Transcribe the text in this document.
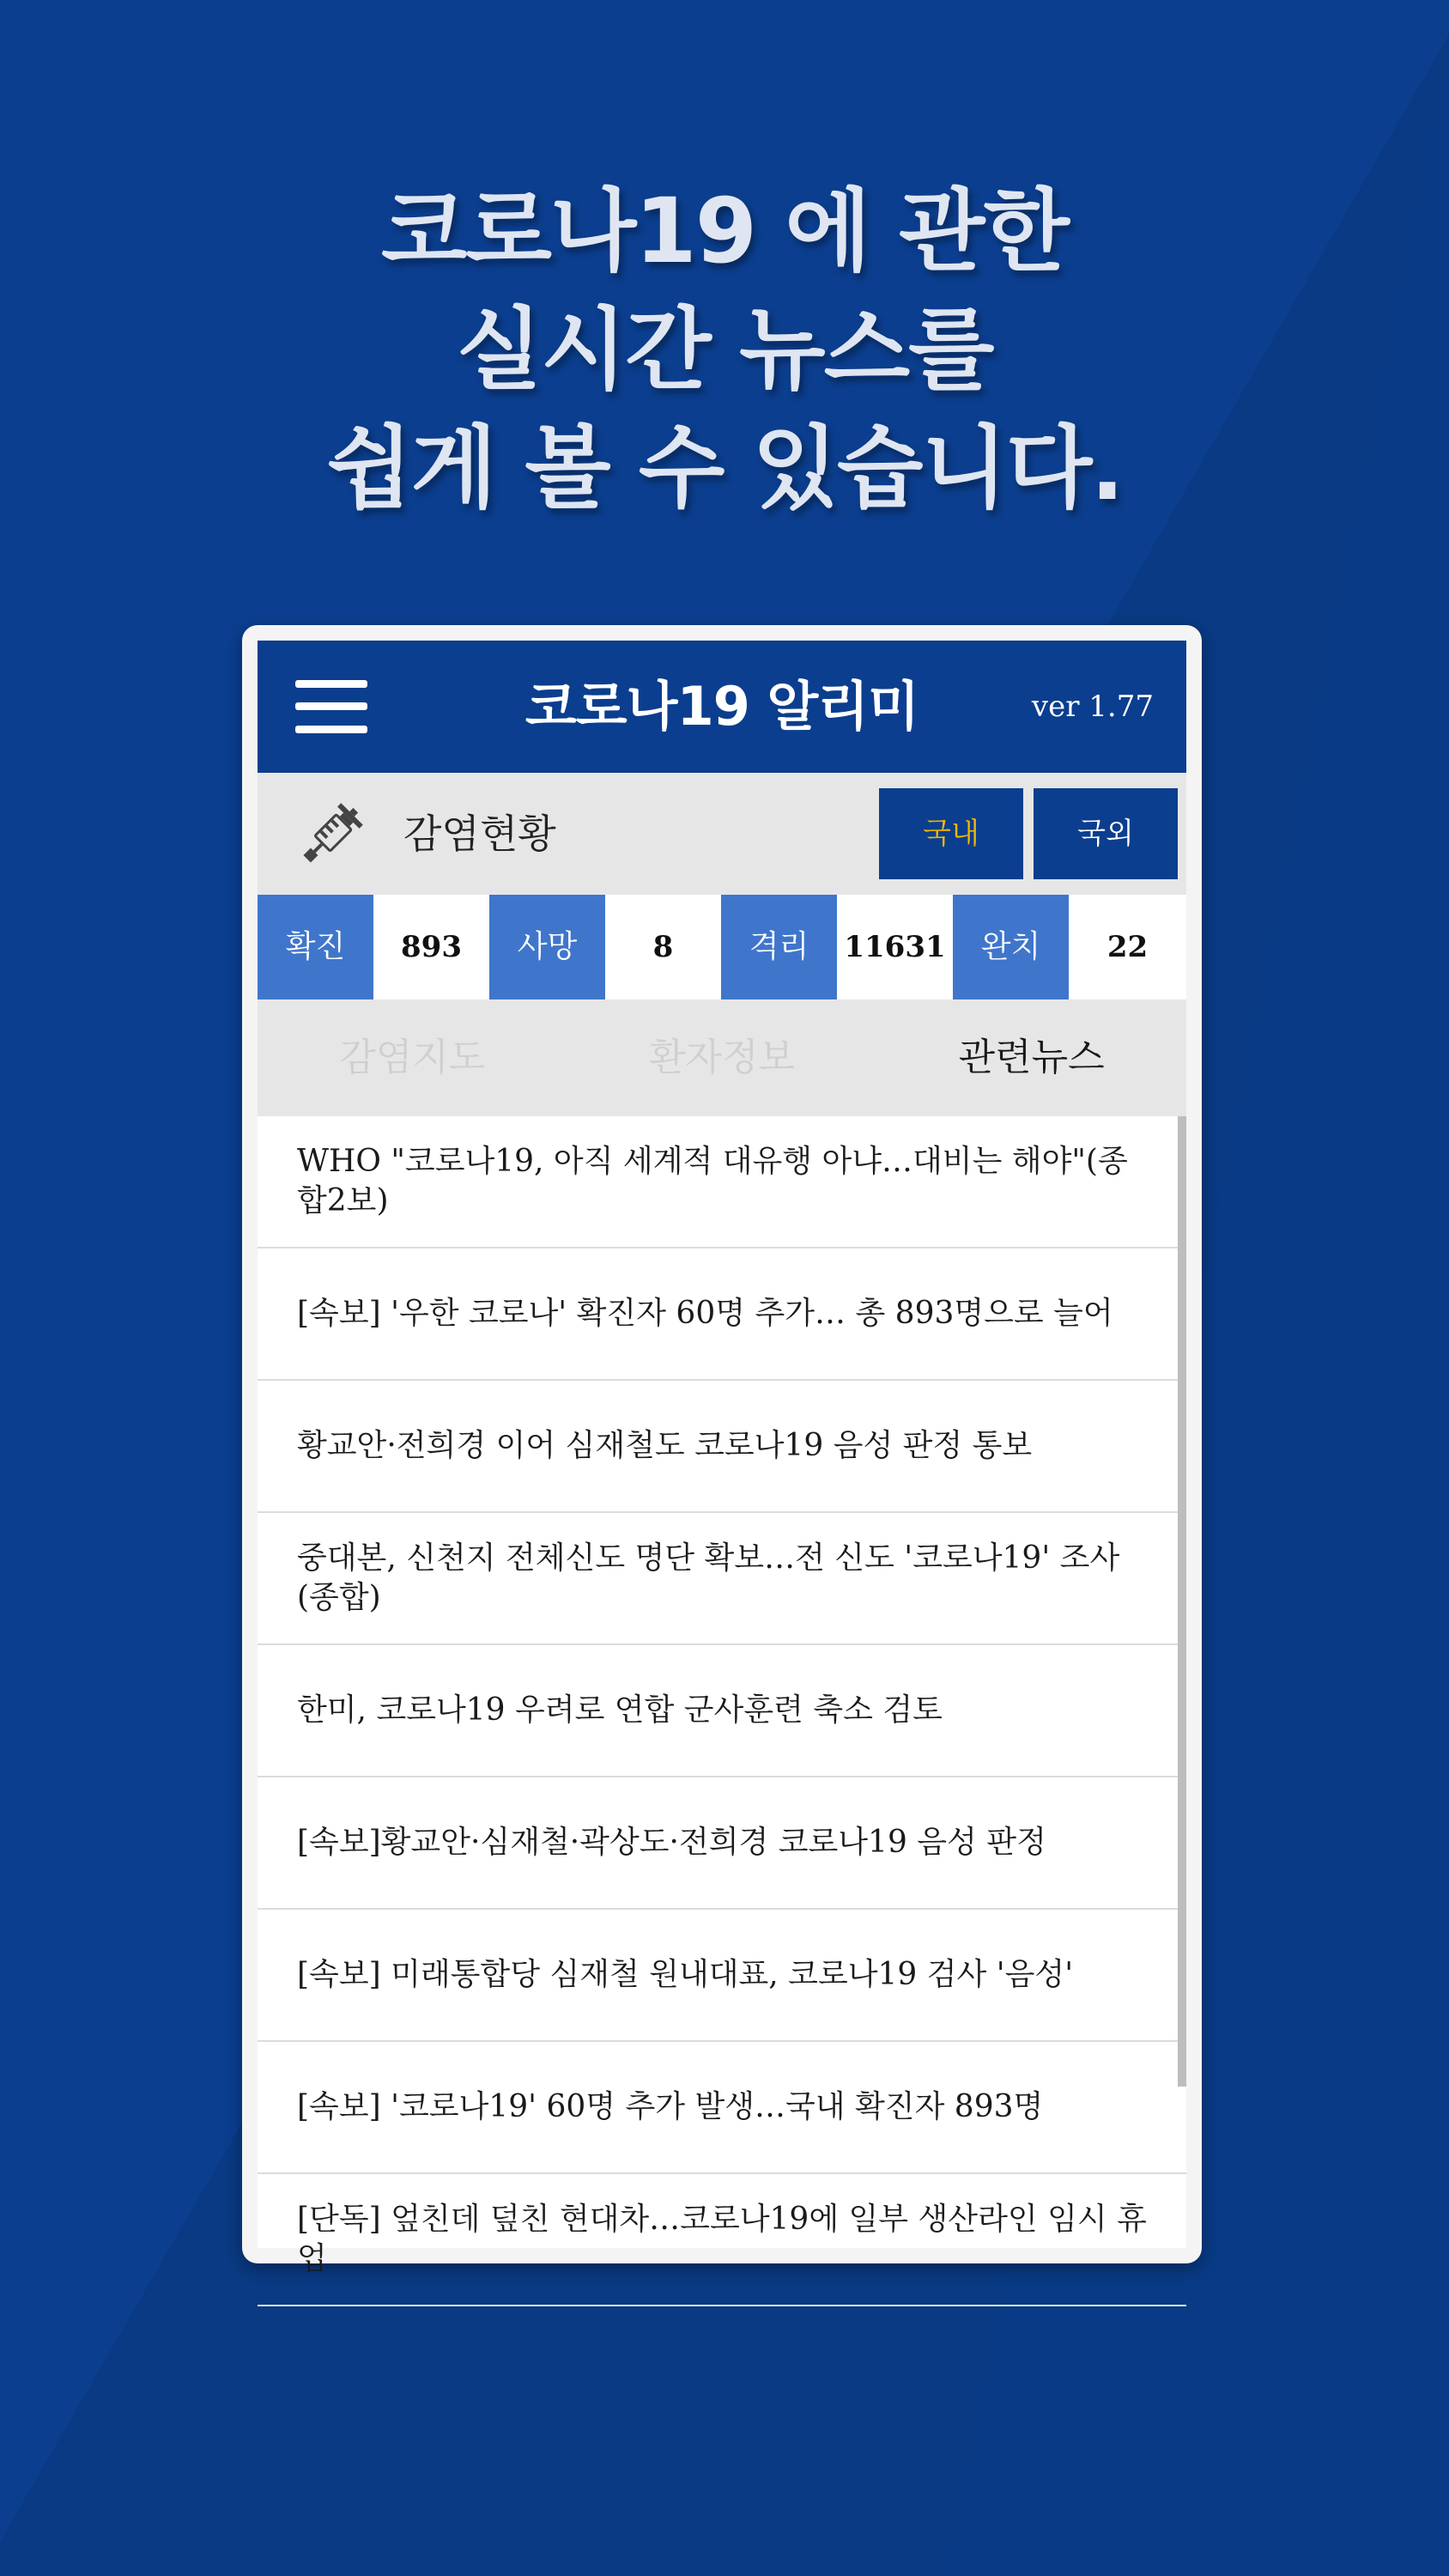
코로나19 에 관한
실시간 뉴스를
쉽게 볼 수 있습니다.
코로나19 알리미	ver 1.77
감염현황	국내	국외
확진	893	사망	8	격리	11631	완치	22
감염지도	환자정보	관련뉴스
WHO "코로나19, 아직 세계적 대유행 아냐…대비는 해야"(종합2보)
[속보] '우한 코로나' 확진자 60명 추가… 총 893명으로 늘어
황교안·전희경 이어 심재철도 코로나19 음성 판정 통보
중대본, 신천지 전체신도 명단 확보…전 신도 '코로나19' 조사(종합)
한미, 코로나19 우려로 연합 군사훈련 축소 검토
[속보]황교안·심재철·곽상도·전희경 코로나19 음성 판정
[속보] 미래통합당 심재철 원내대표, 코로나19 검사 '음성'
[속보] '코로나19' 60명 추가 발생…국내 확진자 893명
[단독] 엎친데 덮친 현대차…코로나19에 일부 생산라인 임시 휴업
